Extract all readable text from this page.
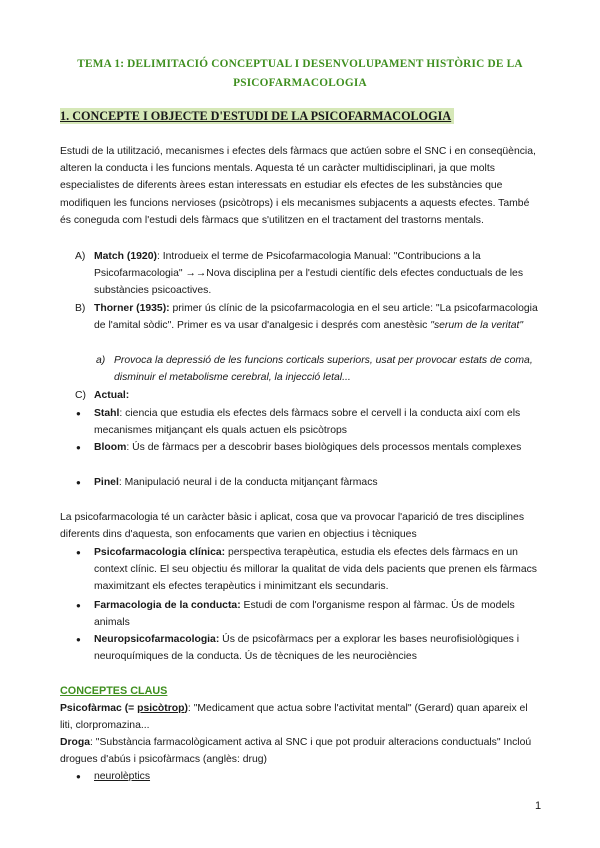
TEMA 1: DELIMITACIÓ CONCEPTUAL I DESENVOLUPAMENT HISTÒRIC DE LA PSICOFARMACOLOGIA
1. CONCEPTE I OBJECTE D'ESTUDI DE LA PSICOFARMACOLOGIA
Estudi de la utilització, mecanismes i efectes dels fàrmacs que actúen sobre el SNC i en conseqüència, alteren la conducta i les funcions mentals. Aquesta té un caràcter multidisciplinari, ja que molts especialistes de diferents àrees estan interessats en estudiar els efectes de les substàncies que modifiquen les funcions nervioses (psicòtrops) i els mecanismes subjacents a aquests efectes. També és coneguda com l'estudi dels fàrmacs que s'utilitzen en el tractament del trastorns mentals.
A) Match (1920): Introdueix el terme de Psicofarmacologia Manual: "Contribucions a la Psicofarmacologia" →→Nova disciplina per a l'estudi científic dels efectes conductuals de les substàncies psicoactives.
B) Thorner (1935): primer ús clínic de la psicofarmacologia en el seu article: "La psicofarmacologia de l'amital sòdic". Primer es va usar d'analgesic i després com anestèsic "serum de la veritat"
a) Provoca la depressió de les funcions corticals superiors, usat per provocar estats de coma, disminuir el metabolisme cerebral, la injecció letal...
C) Actual:
● Stahl: ciencia que estudia els efectes dels fàrmacs sobre el cervell i la conducta així com els mecanismes mitjançant els quals actuen els psicòtrops
● Bloom: Ús de fàrmacs per a descobrir bases biològiques dels processos mentals complexes
● Pinel: Manipulació neural i de la conducta mitjançant fàrmacs
La psicofarmacologia té un caràcter bàsic i aplicat, cosa que va provocar l'aparició de tres disciplines diferents dins d'aquesta, son enfocaments que varien en objectius i tècniques
● Psicofarmacologia clínica: perspectiva terapèutica, estudia els efectes dels fàrmacs en un context clínic. El seu objectiu és millorar la qualitat de vida dels pacients que prenen els fàrmacs maximitzant els efectes terapèutics i minimitzant els secundaris.
● Farmacologia de la conducta: Estudi de com l'organisme respon al fàrmac. Ús de models animals
● Neuropsicofarmacologia: Ús de psicofàrmacs per a explorar les bases neurofisiològiques i neuroquímiques de la conducta. Ús de tècniques de les neurociències
CONCEPTES CLAUS
Psicofàrmac (= psicòtrop): "Medicament que actua sobre l'activitat mental" (Gerard) quan apareix el liti, clorpromazina...
Droga: "Substància farmacològicament activa al SNC i que pot produir alteracions conductuals" Incloú drogues d'abús i psicofàrmacs (anglès: drug)
● neurolèptics
1
